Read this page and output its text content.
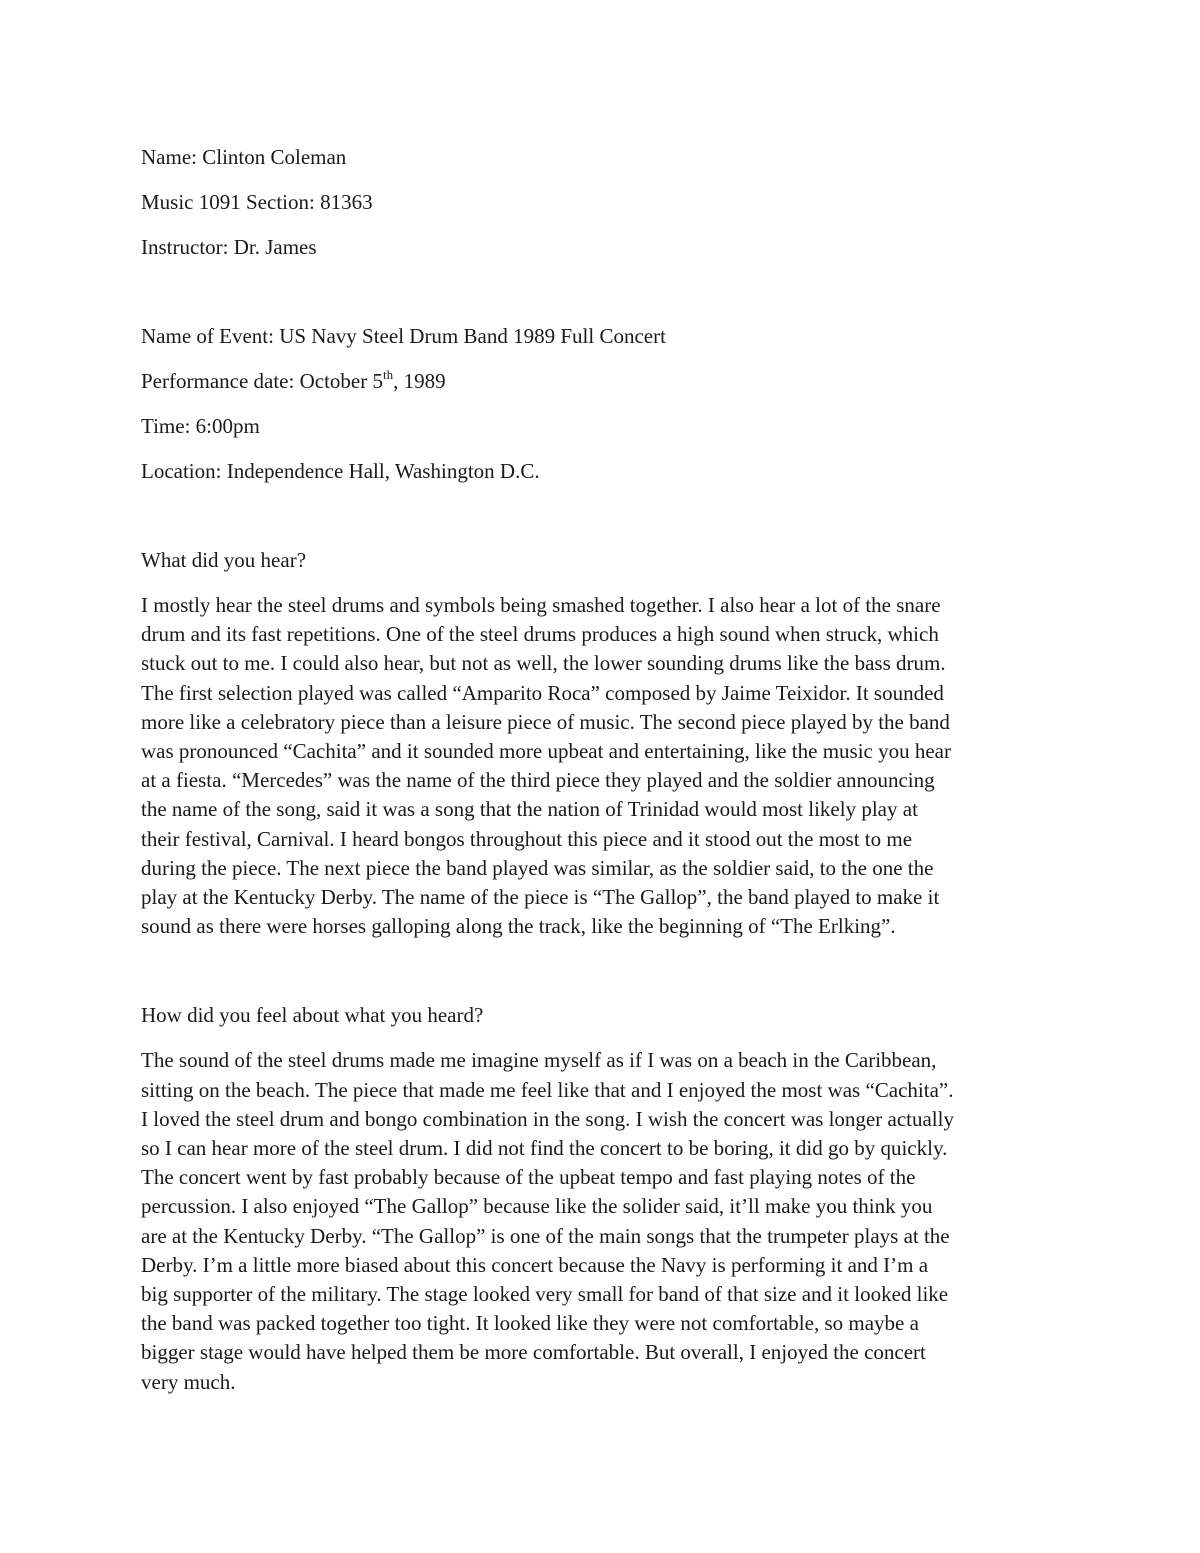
Name: Clinton Coleman

Music 1091 Section: 81363

Instructor: Dr. James

Name of Event: US Navy Steel Drum Band 1989 Full Concert

Performance date: October 5th, 1989

Time: 6:00pm

Location: Independence Hall, Washington D.C.

What did you hear?

I mostly hear the steel drums and symbols being smashed together. I also hear a lot of the snare

drum and its fast repetitions. One of the steel drums produces a high sound when struck, which

stuck out to me. I could also hear, but not as well, the lower sounding drums like the bass drum.

The first selection played was called “Amparito Roca” composed by Jaime Teixidor. It sounded

more like a celebratory piece than a leisure piece of music. The second piece played by the band

was pronounced “Cachita” and it sounded more upbeat and entertaining, like the music you hear

at a fiesta. “Mercedes” was the name of the third piece they played and the soldier announcing

the name of the song, said it was a song that the nation of Trinidad would most likely play at

their festival, Carnival. I heard bongos throughout this piece and it stood out the most to me

during the piece. The next piece the band played was similar, as the soldier said, to the one the

play at the Kentucky Derby. The name of the piece is “The Gallop”, the band played to make it

sound as there were horses galloping along the track, like the beginning of “The Erlking”.

How did you feel about what you heard?

The sound of the steel drums made me imagine myself as if I was on a beach in the Caribbean,

sitting on the beach. The piece that made me feel like that and I enjoyed the most was “Cachita”.

I loved the steel drum and bongo combination in the song. I wish the concert was longer actually

so I can hear more of the steel drum. I did not find the concert to be boring, it did go by quickly.

The concert went by fast probably because of the upbeat tempo and fast playing notes of the

percussion. I also enjoyed “The Gallop” because like the solider said, it’ll make you think you

are at the Kentucky Derby. “The Gallop” is one of the main songs that the trumpeter plays at the

Derby. I’m a little more biased about this concert because the Navy is performing it and I’m a

big supporter of the military. The stage looked very small for band of that size and it looked like

the band was packed together too tight. It looked like they were not comfortable, so maybe a

bigger stage would have helped them be more comfortable. But overall, I enjoyed the concert

very much.
